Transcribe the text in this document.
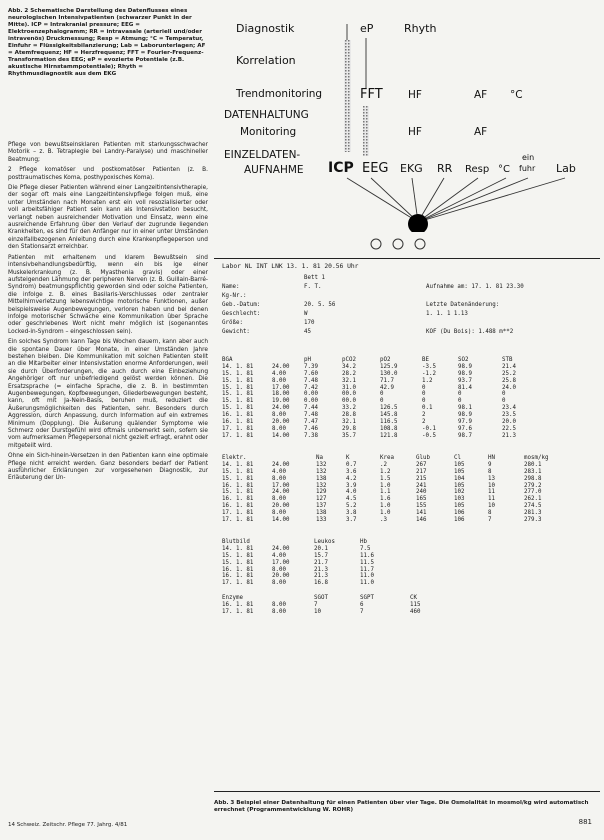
Abb. 2 Schematische Darstellung des Datenflusses eines neurologischen Intensivpatienten (schwarzer Punkt in der Mitte). ICP = Intrakranial pressure; EEG = Elektroenzephalogramm; RR = intravasale (arteriell und/oder intravenös) Druckmessung; Resp = Atmung; °C = Temperatur, Einfuhr = Flüssigkeitsbilanzierung; Lab = Laborunterlagen; AF = Atemfrequenz; HF = Herzfrequenz; FFT = Fourier-Frequenz-Transformation des EEG; eP = evozierte Potentiale (z.B. akustische Hirnstammpotentiale); Rhyth = Rhythmusdiagnostik aus dem EKG

Pflege von bewußtseinsklaren Patienten mit starkungsschwacher Motorik – z. B. Tetraplegie bei Landry-Paralyse) und maschineller Beatmung;

2 Pflege komatöser und postkomatöser Patienten (z. B. posttraumatisches Koma, posthypoxisches Koma).

Die Pflege dieser Patienten während einer Langzeitintensivtherapie, der sogar oft mals eine Langzeitintensivpflege folgen muß, eine unter Umständen nach Monaten erst ein voll resozialisierter oder voll arbeitsfähiger Patient sein kann als Intensivstation besucht, verlangt neben ausreichender Motivation und Einsatz, wenn eine ausreichende Erfahrung über den Verlauf der zugrunde liegenden Krankheiten, es sind für den Anfänger nur in einer unter Umständen einzelfallbezogenen Anleitung durch eine Krankenpflegeperson und den Stationsarzt erreichbar.

Patienten mit erhaltenem und klarem Bewußtsein sind intensivbehandlungsbedürftig, wenn ein bis ige einer Muskelerkrankung (z. B. Myasthenia gravis) oder einer aufsteigenden Lähmung der peripheren Nerven (z. B. Guillain-Barré-Syndrom) beatmungspflichtig geworden sind oder solche Patienten, die infolge z. B. eines Basilaris-Verschlusses oder zentraler Mittelhirnverletzung lebenswichtige motorische Funktionen, außer beispielsweise Augenbewegungen, verloren haben und bei denen infolge motorischer Schwäche eine Kommunikation über Sprache oder geschriebenes Wort nicht mehr möglich ist (sogenanntes Locked-in-Syndrom – eingeschlossen sein).

Ein solches Syndrom kann Tage bis Wochen dauern, kann aber auch die spontane Dauer über Monate, in einer Umständen Jahre bestehen bleiben. Die Kommunikation mit solchen Patienten stellt an die Mitarbeiter einer Intensivstation enorme Anforderungen, weil sie durch Überforderungen, die auch durch eine Einbeziehung Angehöriger oft nur unbefriedigend gelöst werden können. Die Ersatzsprache (= einfache Sprache, die z. B. in bestimmten Augenbewegungen, Kopfbewegungen, Gliederbewegungen besteht, kann, oft mit Ja-Nein-Basis, beruhen muß, reduziert die Äußerungsmöglichkeiten des Patienten, sehr. Besonders durch Aggression, durch Anpassung, durch Information auf ein extremes Minimum (Dopplung). Die Äußerung quälender Symptome wie Schmerz oder Durstgefühl wird oftmals unbemerkt sein, sofern sie vom aufmerksamen Pflegepersonal nicht gezielt erfragt, erahnt oder mitgeteilt wird.

Ohne ein Sich-hinein-Versetzen in den Patienten kann eine optimale Pflege nicht erreicht werden. Ganz besonders bedarf der Patient ausführlicher Erklärungen zur vorgesehenen Diagnostik, zur Erläuterung der Un-

Diagnostik
Korrelation
Trendmonitoring
DATENHALTUNG
Monitoring
EINZELDATEN-
AUFNAHME
eP	Rhyth
FFT HF	AF °C
HF	AF
ICP EEG EKG RR Resp °C
ein
fuhr Lab
Labor NL INT LNK 13. 1. 81 20.56 Uhr
Bett 1
Name:	F. T.	Aufnahme am: 17. 1. 81 23.30
Kg-Nr.:
Geb.-Datum:	20. 5. 56	Letzte Datenänderung:
Geschlecht:	W	1. 1. 1 1.13
Größe:	170
Gewicht:	45	KOF (Du Bois): 1.488 m**2
BGA	pH	pCO2	pO2	BE	SO2	STB
14. 1. 81	24.00	7.39	34.2	125.9	-3.5	98.9	21.4
15. 1. 81	4.00	7.60	28.2	130.0	-1.2	98.9	25.2
15. 1. 81	8.00	7.48	32.1	71.7	1.2	93.7	25.8
15. 1. 81	17.00	7.42	31.0	42.9	0	81.4	24.0
15. 1. 81	18.00	0.00	00.0	0	0	0	0
15. 1. 81	19.00	0.00	00.0	0	0	0	0
15. 1. 81	24.00	7.44	33.2	126.5	0.1	98.1	23.4
16. 1. 81	8.00	7.48	28.8	145.8	2	98.9	23.5
16. 1. 81	20.00	7.47	32.1	116.5	2	97.9	20.0
17. 1. 81	8.00	7.46	29.8	108.8	-0.1	97.6	22.5
17. 1. 81	14.00	7.38	35.7	121.8	-0.5	98.7	21.3
Elektr.	Na	K	Krea	Glub	Cl	HN	mosm/kg
14. 1. 81	24.00	132	0.7	.2	267	105	9	280.1
15. 1. 81	4.00	132	3.6	1.2	217	105	8	283.1
15. 1. 81	8.00	138	4.2	1.5	215	104	13	298.8
16. 1. 81	17.00	132	3.9	1.0	241	105	10	279.2
15. 1. 81	24.00	129	4.0	1.1	240	102	11	277.0
16. 1. 81	8.00	127	4.5	1.6	165	103	11	262.1
16. 1. 81	20.00	137	5.2	1.0	155	105	10	274.5
17. 1. 81	8.00	138	3.8	1.0	141	106	8	281.3
17. 1. 81	14.00	133	3.7	.3	146	106	7	279.3
Blutbild	Leukos	Hb
14. 1. 81	24.00	20.1	7.5
15. 1. 81	4.00	15.7	11.6
15. 1. 81	17.00	21.7	11.5
16. 1. 81	8.00	21.3	11.7
16. 1. 81	20.00	21.3	11.0
17. 1. 81	8.00	16.8	11.0
Enzyme	SGOT	SGPT	CK
16. 1. 81	8.00	7	6	115
17. 1. 81	8.00	10	7	460
Abb. 3 Beispiel einer Datenhaltung für einen Patienten über vier Tage. Die Osmolalität in mosmol/kg wird automatisch errechnet (Programmentwicklung W. ROHR)
14 Schweiz. Zeitschr. Pflege 77. Jahrg. 4/81	881
